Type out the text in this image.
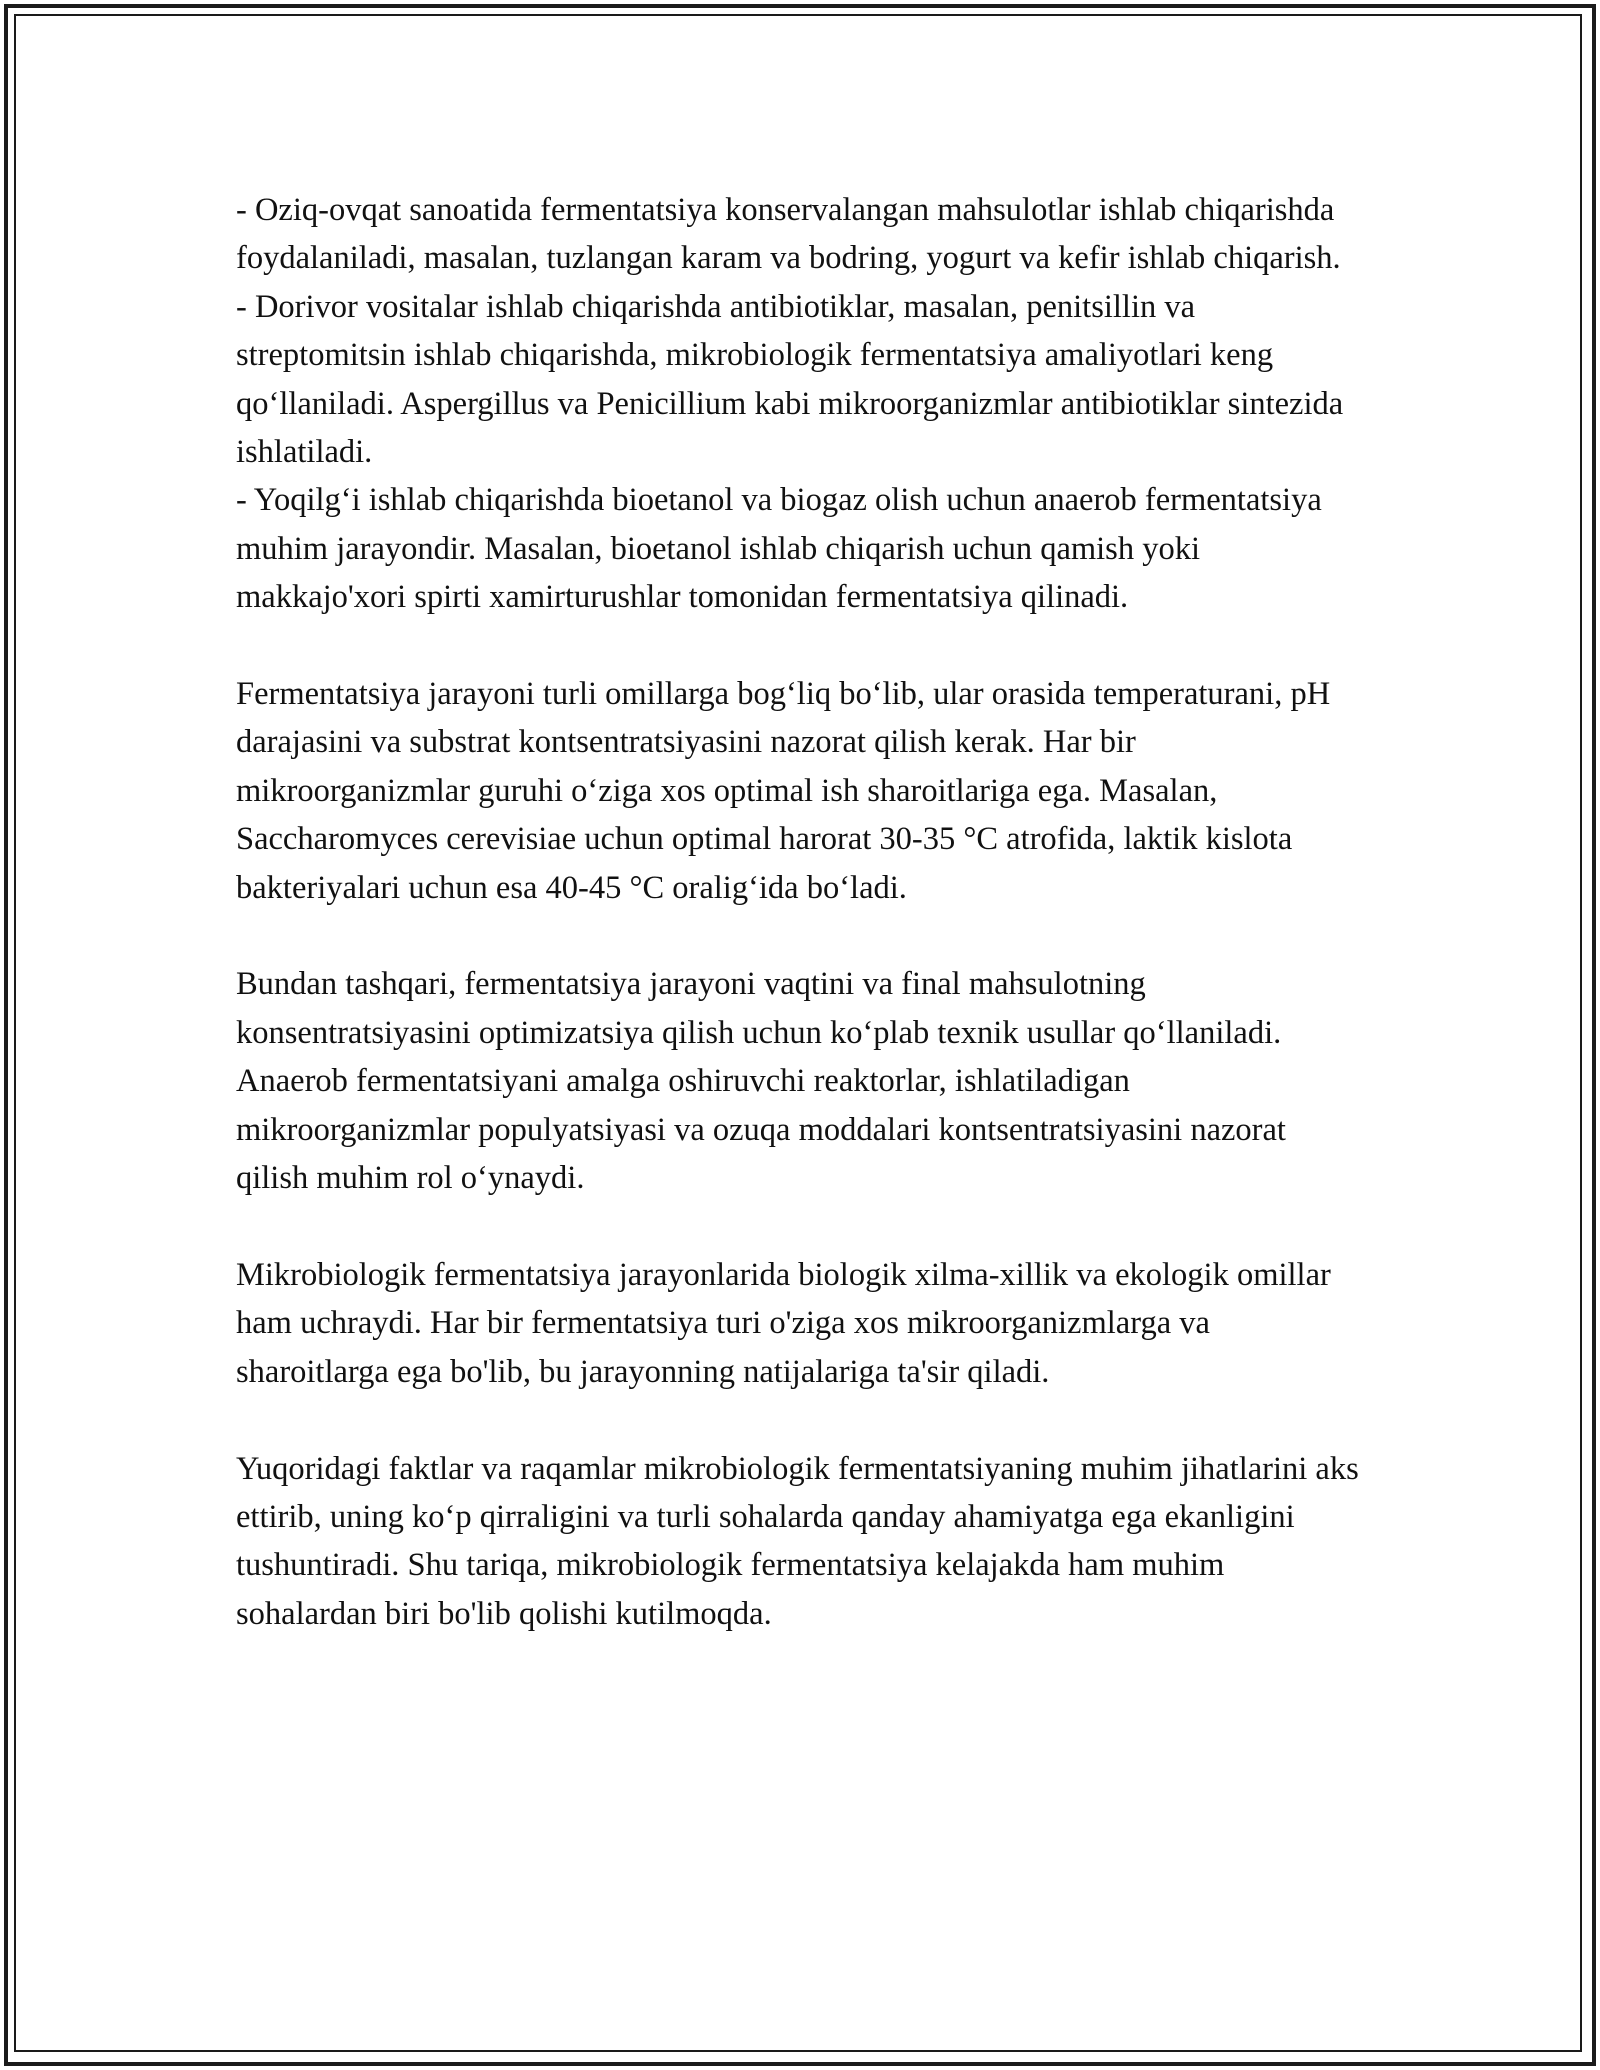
- Oziq-ovqat sanoatida fermentatsiya konservalangan mahsulotlar ishlab chiqarishda foydalaniladi, masalan, tuzlangan karam va bodring, yogurt va kefir ishlab chiqarish.

- Dorivor vositalar ishlab chiqarishda antibiotiklar, masalan, penitsillin va streptomitsin ishlab chiqarishda, mikrobiologik fermentatsiya amaliyotlari keng qo‘llaniladi. Aspergillus va Penicillium kabi mikroorganizmlar antibiotiklar sintezida ishlatiladi.

- Yoqilg‘i ishlab chiqarishda bioetanol va biogaz olish uchun anaerob fermentatsiya muhim jarayondir. Masalan, bioetanol ishlab chiqarish uchun qamish yoki makkajo'xori spirti xamirturushlar tomonidan fermentatsiya qilinadi.

Fermentatsiya jarayoni turli omillarga bog‘liq bo‘lib, ular orasida temperaturani, pH darajasini va substrat kontsentratsiyasini nazorat qilish kerak. Har bir mikroorganizmlar guruhi o‘ziga xos optimal ish sharoitlariga ega. Masalan, Saccharomyces cerevisiae uchun optimal harorat 30-35 °C atrofida, laktik kislota bakteriyalari uchun esa 40-45 °C oralig‘ida bo‘ladi.

Bundan tashqari, fermentatsiya jarayoni vaqtini va final mahsulotning konsentratsiyasini optimizatsiya qilish uchun ko‘plab texnik usullar qo‘llaniladi. Anaerob fermentatsiyani amalga oshiruvchi reaktorlar, ishlatiladigan mikroorganizmlar populyatsiyasi va ozuqa moddalari kontsentratsiyasini nazorat qilish muhim rol o‘ynaydi.

Mikrobiologik fermentatsiya jarayonlarida biologik xilma-xillik va ekologik omillar ham uchraydi. Har bir fermentatsiya turi o'ziga xos mikroorganizmlarga va sharoitlarga ega bo'lib, bu jarayonning natijalariga ta'sir qiladi.

Yuqoridagi faktlar va raqamlar mikrobiologik fermentatsiyaning muhim jihatlarini aks ettirib, uning ko‘p qirraligini va turli sohalarda qanday ahamiyatga ega ekanligini tushuntiradi. Shu tariqa, mikrobiologik fermentatsiya kelajakda ham muhim sohalardan biri bo'lib qolishi kutilmoqda.
